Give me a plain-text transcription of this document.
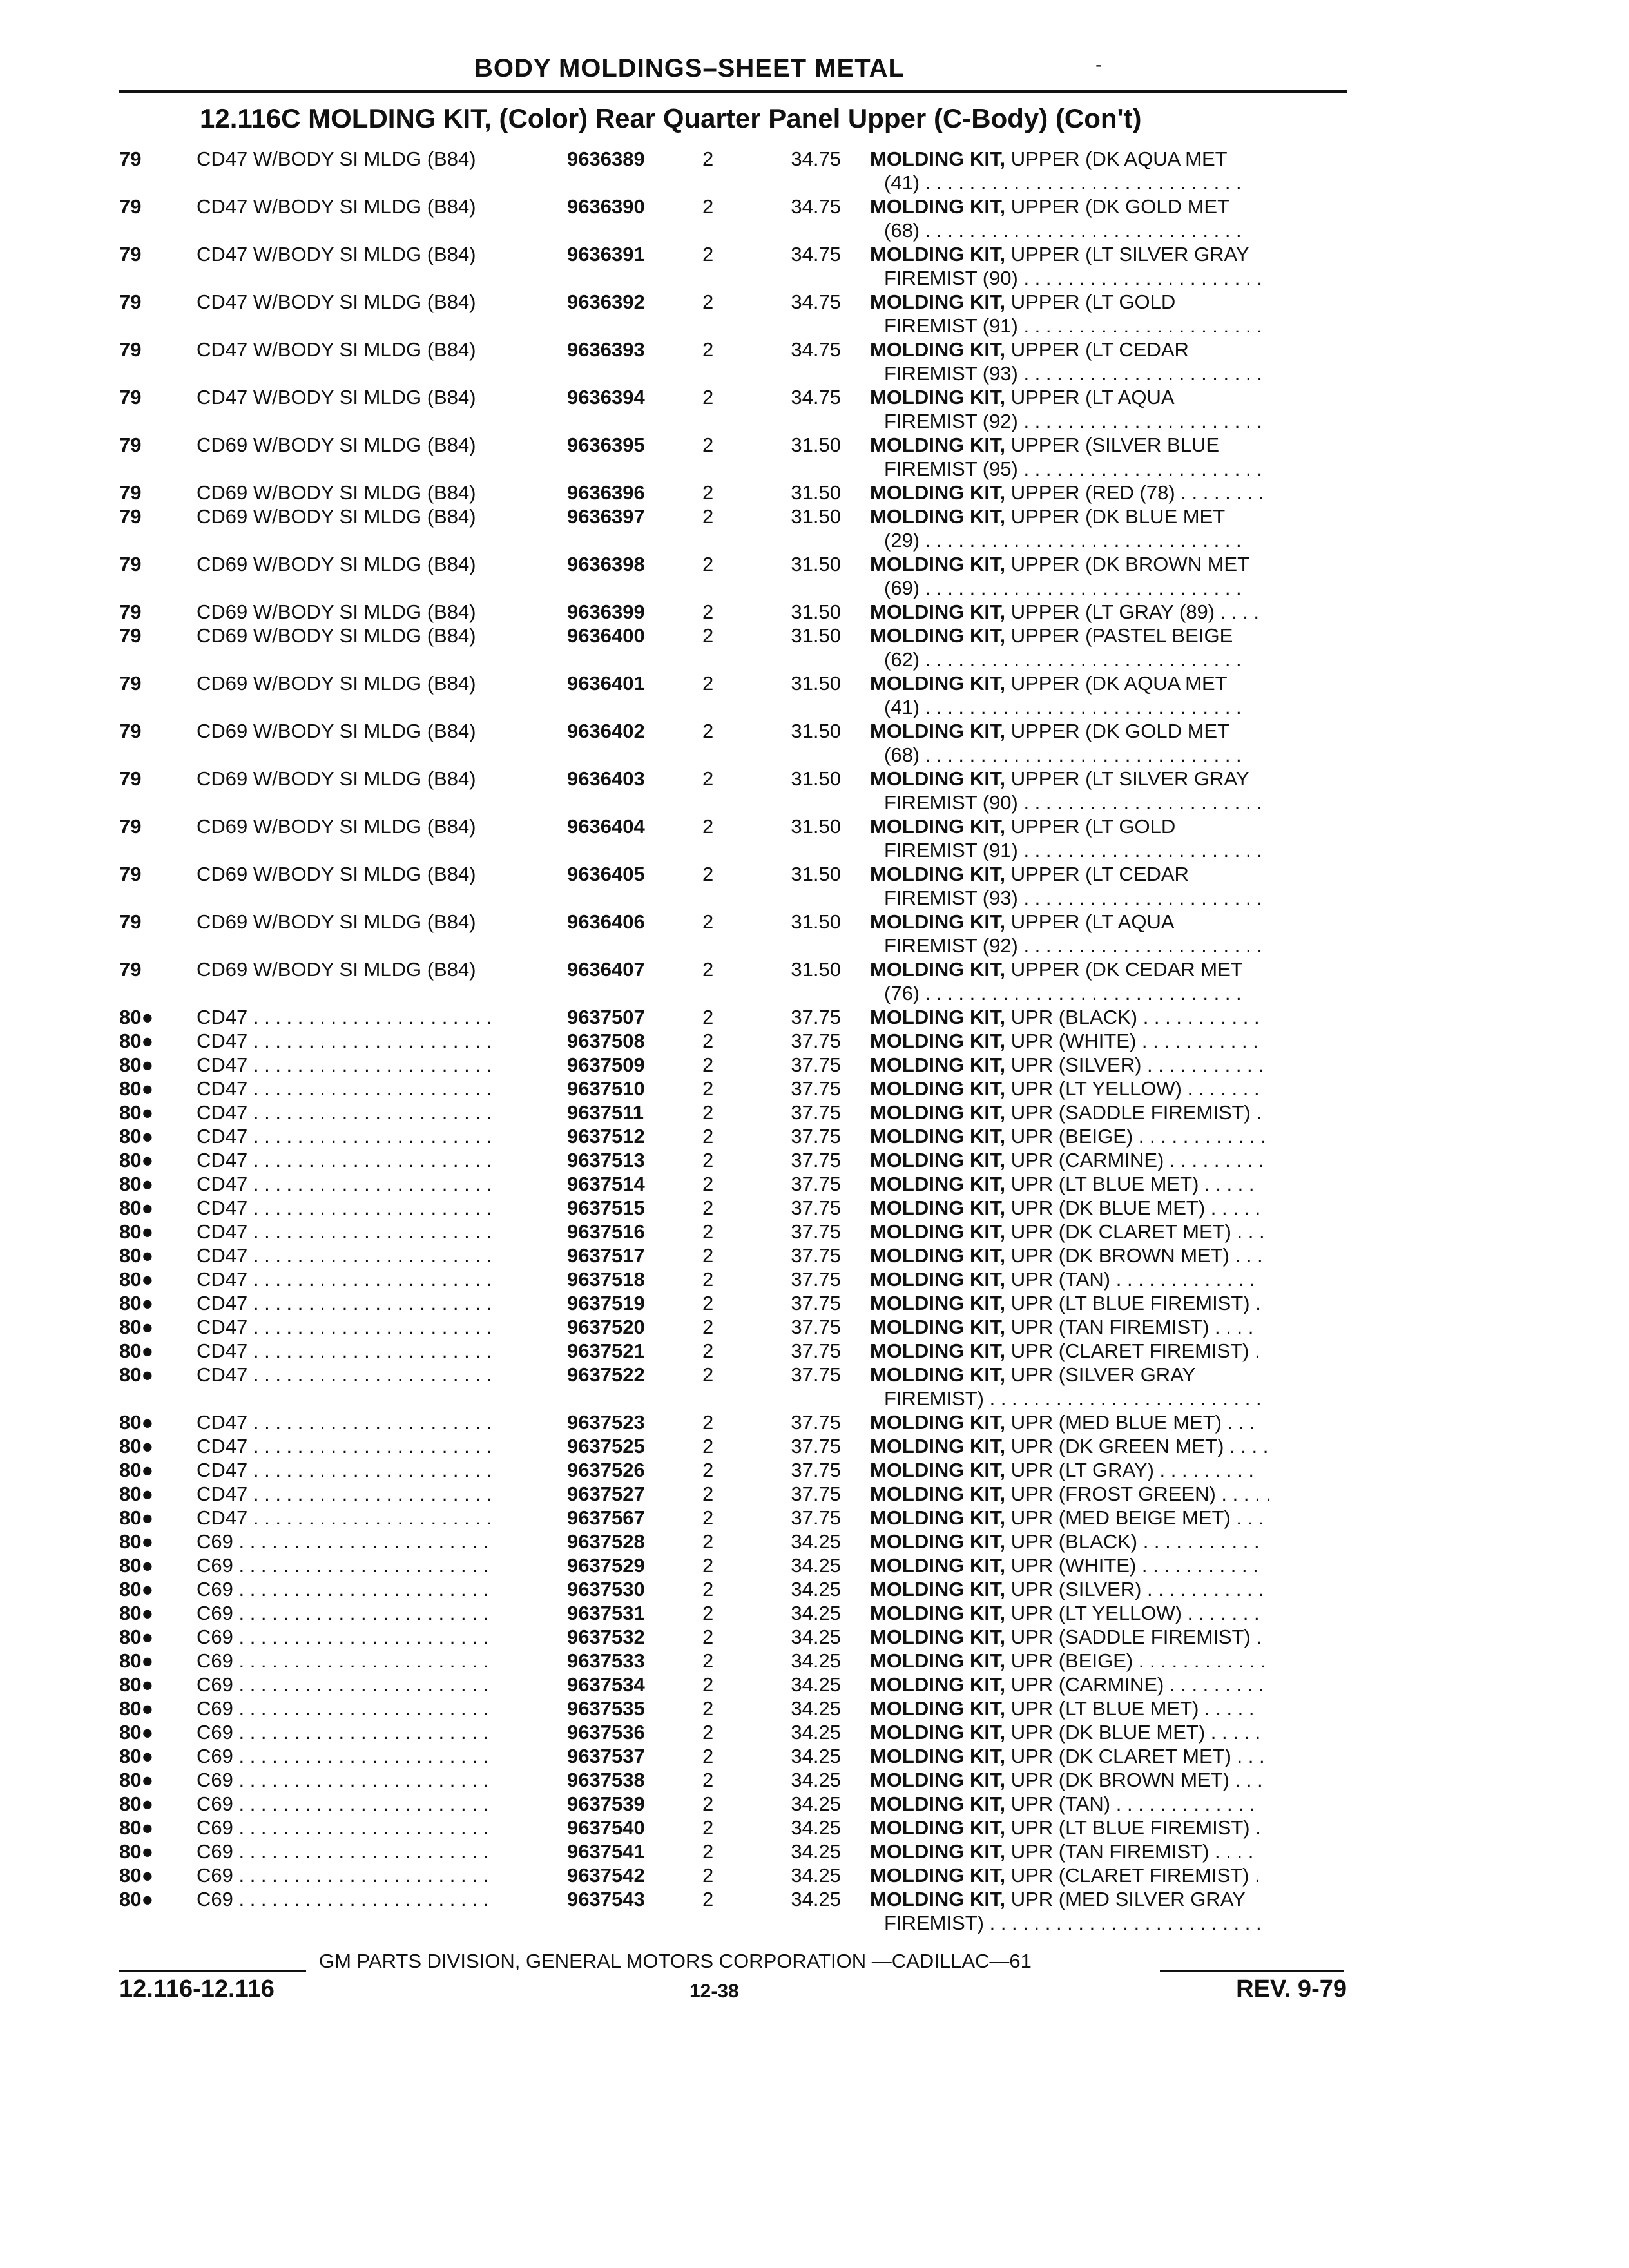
BODY MOLDINGS–SHEET METAL	-
12.116C MOLDING KIT, (Color) Rear Quarter Panel Upper (C-Body) (Con't)
79	CD47 W/BODY SI MLDG (B84)	9636389	2	34.75 MOLDING KIT, UPPER (DK AQUA MET
(41) . . . . . . . . . . . . . . . . . . . . . . . . . . . . .
79	CD47 W/BODY SI MLDG (B84)	9636390	2	34.75 MOLDING KIT, UPPER (DK GOLD MET
(68) . . . . . . . . . . . . . . . . . . . . . . . . . . . . .
79	CD47 W/BODY SI MLDG (B84)	9636391	2	34.75 MOLDING KIT, UPPER (LT SILVER GRAY
FIREMIST (90) . . . . . . . . . . . . . . . . . . . . . .
79	CD47 W/BODY SI MLDG (B84)	9636392	2	34.75 MOLDING KIT, UPPER (LT GOLD
FIREMIST (91) . . . . . . . . . . . . . . . . . . . . . .
79	CD47 W/BODY SI MLDG (B84)	9636393	2	34.75 MOLDING KIT, UPPER (LT CEDAR
FIREMIST (93) . . . . . . . . . . . . . . . . . . . . . .
79	CD47 W/BODY SI MLDG (B84)	9636394	2	34.75 MOLDING KIT, UPPER (LT AQUA
FIREMIST (92) . . . . . . . . . . . . . . . . . . . . . .
79	CD69 W/BODY SI MLDG (B84)	9636395	2	31.50 MOLDING KIT, UPPER (SILVER BLUE
FIREMIST (95) . . . . . . . . . . . . . . . . . . . . . .
79	CD69 W/BODY SI MLDG (B84)	9636396	2	31.50 MOLDING KIT, UPPER (RED (78) . . . . . . . .
79	CD69 W/BODY SI MLDG (B84)	9636397	2	31.50 MOLDING KIT, UPPER (DK BLUE MET
(29) . . . . . . . . . . . . . . . . . . . . . . . . . . . . .
79	CD69 W/BODY SI MLDG (B84)	9636398	2	31.50 MOLDING KIT, UPPER (DK BROWN MET
(69) . . . . . . . . . . . . . . . . . . . . . . . . . . . . .
79	CD69 W/BODY SI MLDG (B84)	9636399	2	31.50 MOLDING KIT, UPPER (LT GRAY (89) . . . .
79	CD69 W/BODY SI MLDG (B84)	9636400	2	31.50 MOLDING KIT, UPPER (PASTEL BEIGE
(62) . . . . . . . . . . . . . . . . . . . . . . . . . . . . .
79	CD69 W/BODY SI MLDG (B84)	9636401	2	31.50 MOLDING KIT, UPPER (DK AQUA MET
(41) . . . . . . . . . . . . . . . . . . . . . . . . . . . . .
79	CD69 W/BODY SI MLDG (B84)	9636402	2	31.50 MOLDING KIT, UPPER (DK GOLD MET
(68) . . . . . . . . . . . . . . . . . . . . . . . . . . . . .
79	CD69 W/BODY SI MLDG (B84)	9636403	2	31.50 MOLDING KIT, UPPER (LT SILVER GRAY
FIREMIST (90) . . . . . . . . . . . . . . . . . . . . . .
79	CD69 W/BODY SI MLDG (B84)	9636404	2	31.50 MOLDING KIT, UPPER (LT GOLD
FIREMIST (91) . . . . . . . . . . . . . . . . . . . . . .
79	CD69 W/BODY SI MLDG (B84)	9636405	2	31.50 MOLDING KIT, UPPER (LT CEDAR
FIREMIST (93) . . . . . . . . . . . . . . . . . . . . . .
79	CD69 W/BODY SI MLDG (B84)	9636406	2	31.50 MOLDING KIT, UPPER (LT AQUA
FIREMIST (92) . . . . . . . . . . . . . . . . . . . . . .
79	CD69 W/BODY SI MLDG (B84)	9636407	2	31.50 MOLDING KIT, UPPER (DK CEDAR MET
(76) . . . . . . . . . . . . . . . . . . . . . . . . . . . . .
80●	CD47 . . . . . . . . . . . . . . . . . . . . . .	9637507	2	37.75 MOLDING KIT, UPR (BLACK) . . . . . . . . . . .
80●	CD47 . . . . . . . . . . . . . . . . . . . . . .	9637508	2	37.75 MOLDING KIT, UPR (WHITE) . . . . . . . . . . .
80●	CD47 . . . . . . . . . . . . . . . . . . . . . .	9637509	2	37.75 MOLDING KIT, UPR (SILVER) . . . . . . . . . . .
80●	CD47 . . . . . . . . . . . . . . . . . . . . . .	9637510	2	37.75 MOLDING KIT, UPR (LT YELLOW) . . . . . . .
80●	CD47 . . . . . . . . . . . . . . . . . . . . . .	9637511	2	37.75 MOLDING KIT, UPR (SADDLE FIREMIST) .
80●	CD47 . . . . . . . . . . . . . . . . . . . . . .	9637512	2	37.75 MOLDING KIT, UPR (BEIGE) . . . . . . . . . . . .
80●	CD47 . . . . . . . . . . . . . . . . . . . . . .	9637513	2	37.75 MOLDING KIT, UPR (CARMINE) . . . . . . . . .
80●	CD47 . . . . . . . . . . . . . . . . . . . . . .	9637514	2	37.75 MOLDING KIT, UPR (LT BLUE MET) . . . . .
80●	CD47 . . . . . . . . . . . . . . . . . . . . . .	9637515	2	37.75 MOLDING KIT, UPR (DK BLUE MET) . . . . .
80●	CD47 . . . . . . . . . . . . . . . . . . . . . .	9637516	2	37.75 MOLDING KIT, UPR (DK CLARET MET) . . .
80●	CD47 . . . . . . . . . . . . . . . . . . . . . .	9637517	2	37.75 MOLDING KIT, UPR (DK BROWN MET) . . .
80●	CD47 . . . . . . . . . . . . . . . . . . . . . .	9637518	2	37.75 MOLDING KIT, UPR (TAN) . . . . . . . . . . . . .
80●	CD47 . . . . . . . . . . . . . . . . . . . . . .	9637519	2	37.75 MOLDING KIT, UPR (LT BLUE FIREMIST) .
80●	CD47 . . . . . . . . . . . . . . . . . . . . . .	9637520	2	37.75 MOLDING KIT, UPR (TAN FIREMIST) . . . .
80●	CD47 . . . . . . . . . . . . . . . . . . . . . .	9637521	2	37.75 MOLDING KIT, UPR (CLARET FIREMIST) .
80●	CD47 . . . . . . . . . . . . . . . . . . . . . .	9637522	2	37.75 MOLDING KIT, UPR (SILVER GRAY
FIREMIST) . . . . . . . . . . . . . . . . . . . . . . . . .
80●	CD47 . . . . . . . . . . . . . . . . . . . . . .	9637523	2	37.75 MOLDING KIT, UPR (MED BLUE MET) . . .
80●	CD47 . . . . . . . . . . . . . . . . . . . . . .	9637525	2	37.75 MOLDING KIT, UPR (DK GREEN MET) . . . .
80●	CD47 . . . . . . . . . . . . . . . . . . . . . .	9637526	2	37.75 MOLDING KIT, UPR (LT GRAY) . . . . . . . . .
80●	CD47 . . . . . . . . . . . . . . . . . . . . . .	9637527	2	37.75 MOLDING KIT, UPR (FROST GREEN) . . . . .
80●	CD47 . . . . . . . . . . . . . . . . . . . . . .	9637567	2	37.75 MOLDING KIT, UPR (MED BEIGE MET) . . .
80●	C69 . . . . . . . . . . . . . . . . . . . . . . .	9637528	2	34.25 MOLDING KIT, UPR (BLACK) . . . . . . . . . . .
80●	C69 . . . . . . . . . . . . . . . . . . . . . . .	9637529	2	34.25 MOLDING KIT, UPR (WHITE) . . . . . . . . . . .
80●	C69 . . . . . . . . . . . . . . . . . . . . . . .	9637530	2	34.25 MOLDING KIT, UPR (SILVER) . . . . . . . . . . .
80●	C69 . . . . . . . . . . . . . . . . . . . . . . .	9637531	2	34.25 MOLDING KIT, UPR (LT YELLOW) . . . . . . .
80●	C69 . . . . . . . . . . . . . . . . . . . . . . .	9637532	2	34.25 MOLDING KIT, UPR (SADDLE FIREMIST) .
80●	C69 . . . . . . . . . . . . . . . . . . . . . . .	9637533	2	34.25 MOLDING KIT, UPR (BEIGE) . . . . . . . . . . . .
80●	C69 . . . . . . . . . . . . . . . . . . . . . . .	9637534	2	34.25 MOLDING KIT, UPR (CARMINE) . . . . . . . . .
80●	C69 . . . . . . . . . . . . . . . . . . . . . . .	9637535	2	34.25 MOLDING KIT, UPR (LT BLUE MET) . . . . .
80●	C69 . . . . . . . . . . . . . . . . . . . . . . .	9637536	2	34.25 MOLDING KIT, UPR (DK BLUE MET) . . . . .
80●	C69 . . . . . . . . . . . . . . . . . . . . . . .	9637537	2	34.25 MOLDING KIT, UPR (DK CLARET MET) . . .
80●	C69 . . . . . . . . . . . . . . . . . . . . . . .	9637538	2	34.25 MOLDING KIT, UPR (DK BROWN MET) . . .
80●	C69 . . . . . . . . . . . . . . . . . . . . . . .	9637539	2	34.25 MOLDING KIT, UPR (TAN) . . . . . . . . . . . . .
80●	C69 . . . . . . . . . . . . . . . . . . . . . . .	9637540	2	34.25 MOLDING KIT, UPR (LT BLUE FIREMIST) .
80●	C69 . . . . . . . . . . . . . . . . . . . . . . .	9637541	2	34.25 MOLDING KIT, UPR (TAN FIREMIST) . . . .
80●	C69 . . . . . . . . . . . . . . . . . . . . . . .	9637542	2	34.25 MOLDING KIT, UPR (CLARET FIREMIST) .
80●	C69 . . . . . . . . . . . . . . . . . . . . . . .	9637543	2	34.25 MOLDING KIT, UPR (MED SILVER GRAY
FIREMIST) . . . . . . . . . . . . . . . . . . . . . . . . .
GM PARTS DIVISION, GENERAL MOTORS CORPORATION —CADILLAC—61
12.116-12.116	12-38	REV. 9-79
